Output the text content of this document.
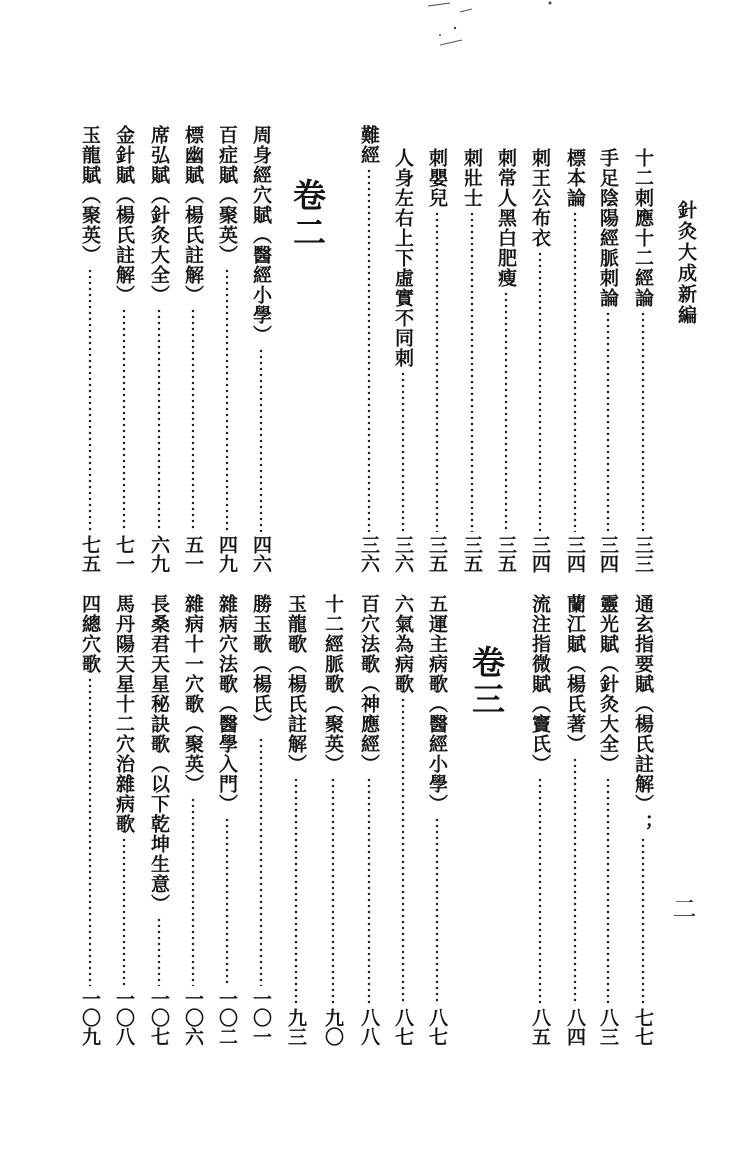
針灸大成新編
二
卷二
卷三
十二刺應十二經論
三三
手足陰陽經脈刺論
三四
標本論
三四
刺王公布衣
三四
刺常人黑白肥瘦
三五
刺壯士
三五
刺嬰兒
三五
人身左右上下虛實不同刺
三六
難經
三六
周身經穴賦（醫經小學）
四六
百症賦（聚英）
四九
標幽賦（楊氏註解）
五一
席弘賦（針灸大全）
六九
金針賦（楊氏註解）
七一
玉龍賦（聚英）
七五
通玄指要賦（楊氏註解）；
七七
靈光賦（針灸大全）
八三
蘭江賦（楊氏著）
八四
流注指微賦（竇氏）
八五
五運主病歌（醫經小學）
八七
六氣為病歌
八七
百穴法歌（神應經）
八八
十二經脈歌（聚英）
九〇
玉龍歌（楊氏註解）
九三
勝玉歌（楊氏）
一〇一
雜病穴法歌（醫學入門）
一〇二
雜病十一穴歌（聚英）
一〇六
長桑君天星秘訣歌（以下乾坤生意）
一〇七
馬丹陽天星十二穴治雜病歌
一〇八
四總穴歌
一〇九
